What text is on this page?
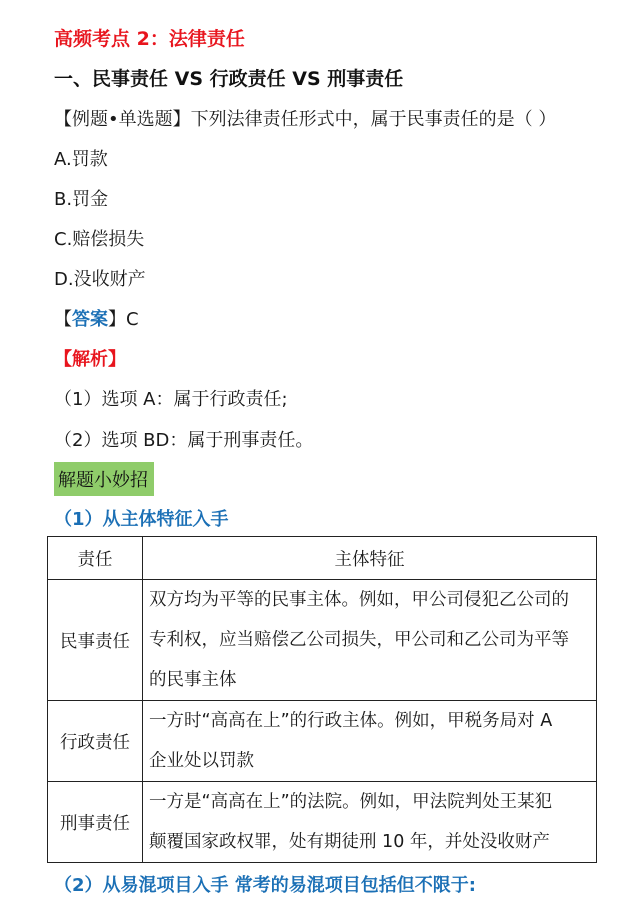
高频考点 2：法律责任
一、民事责任 VS 行政责任 VS 刑事责任
【例题•单选题】下列法律责任形式中，属于民事责任的是（ ）
A.罚款
B.罚金
C.赔偿损失
D.没收财产
【答案】C
【解析】
（1）选项 A：属于行政责任;
（2）选项 BD：属于刑事责任。
解题小妙招
（1）从主体特征入手
责任	主体特征
民事责任	双方均为平等的民事主体。例如，甲公司侵犯乙公司的
专利权，应当赔偿乙公司损失，甲公司和乙公司为平等
的民事主体

行政责任	一方时“高高在上”的行政主体。例如，甲税务局对 A
企业处以罚款

刑事责任	一方是“高高在上”的法院。例如，甲法院判处王某犯
颠覆国家政权罪，处有期徒刑 10 年，并处没收财产
（2）从易混项目入手 常考的易混项目包括但不限于:
